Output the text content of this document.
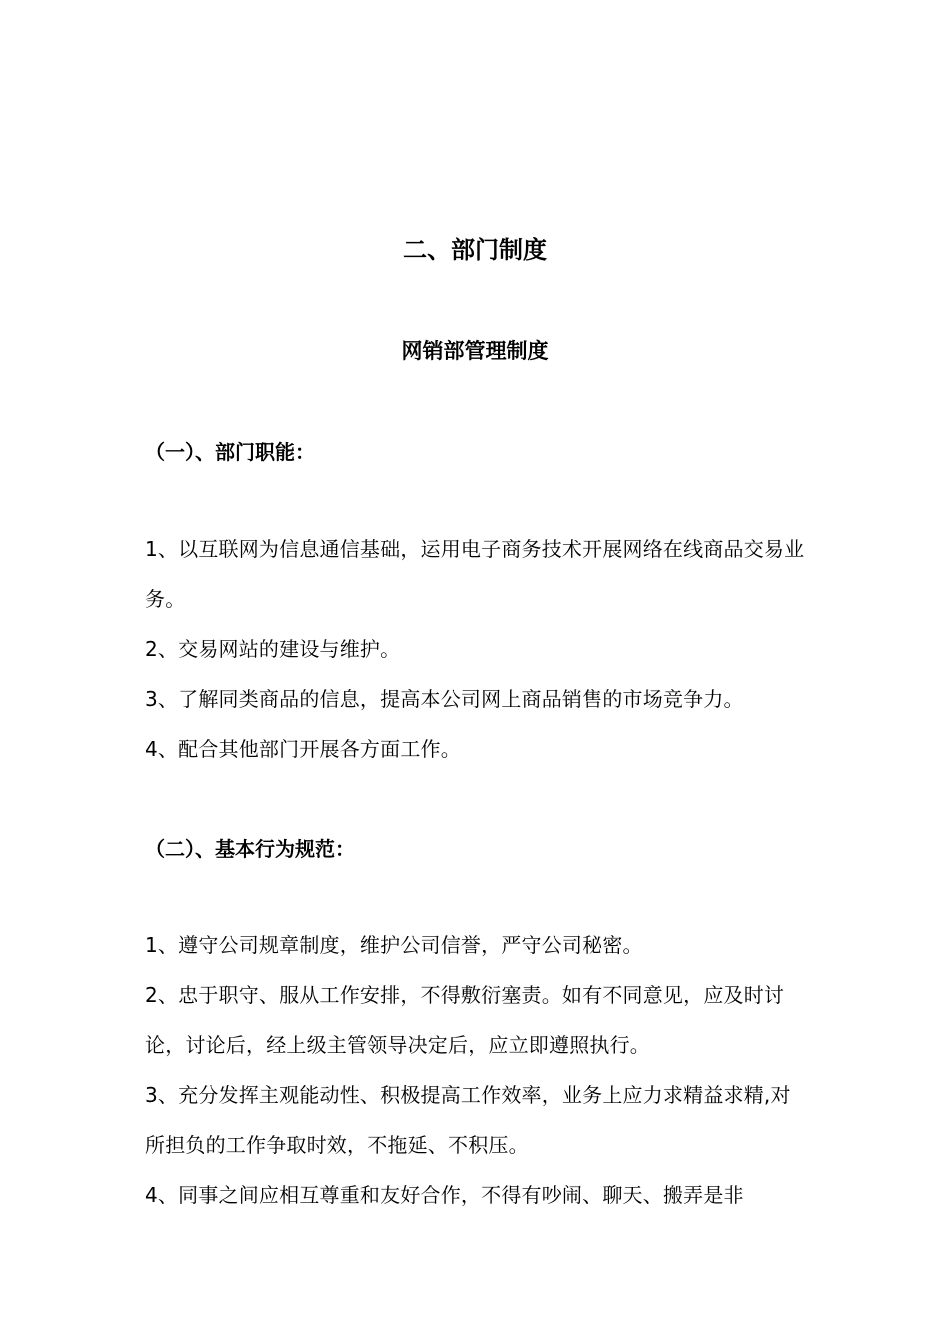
二、部门制度
网销部管理制度
（一）、部门职能：

1、以互联网为信息通信基础，运用电子商务技术开展网络在线商品交易业务。

2、交易网站的建设与维护。

3、了解同类商品的信息，提高本公司网上商品销售的市场竞争力。

4、配合其他部门开展各方面工作。

（二）、基本行为规范：

1、遵守公司规章制度，维护公司信誉，严守公司秘密。

2、忠于职守、服从工作安排，不得敷衍塞责。如有不同意见，应及时讨论，讨论后，经上级主管领导决定后，应立即遵照执行。

3、充分发挥主观能动性、积极提高工作效率，业务上应力求精益求精,对所担负的工作争取时效，不拖延、不积压。

4、同事之间应相互尊重和友好合作，不得有吵闹、聊天、搬弄是非
